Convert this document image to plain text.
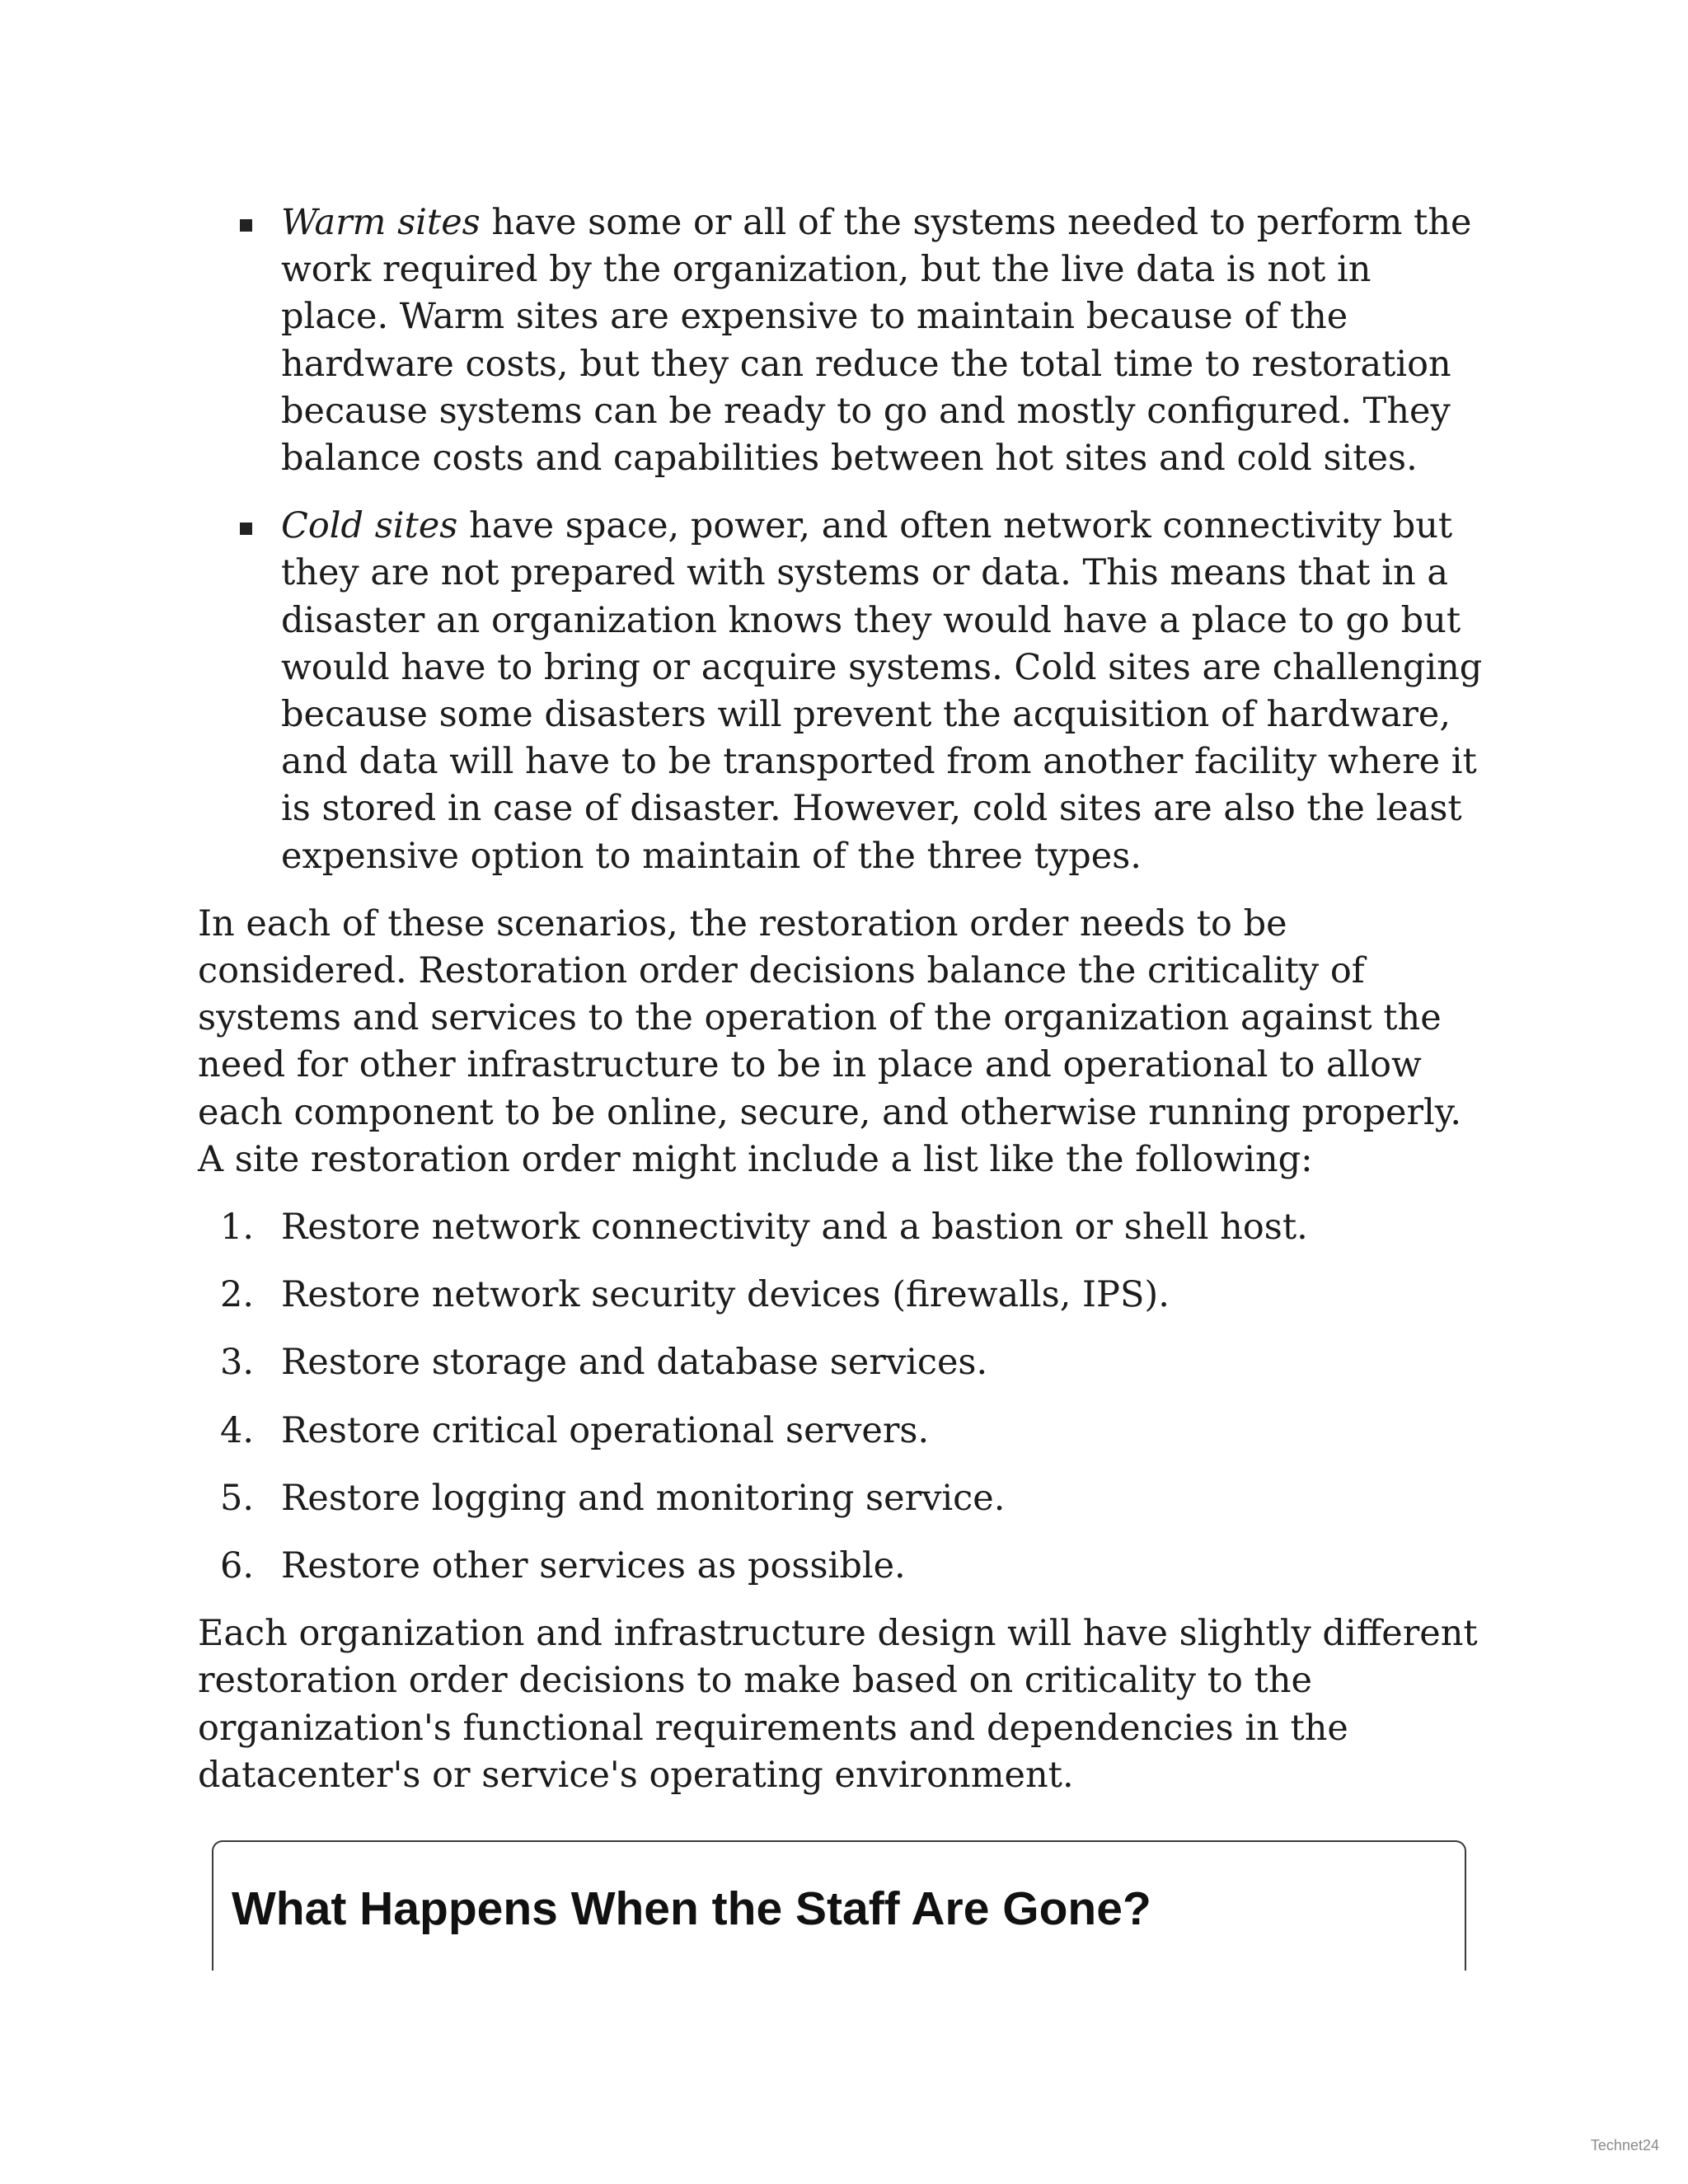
Warm sites have some or all of the systems needed to perform the work required by the organization, but the live data is not in place. Warm sites are expensive to maintain because of the hardware costs, but they can reduce the total time to restoration because systems can be ready to go and mostly configured. They balance costs and capabilities between hot sites and cold sites.
Cold sites have space, power, and often network connectivity but they are not prepared with systems or data. This means that in a disaster an organization knows they would have a place to go but would have to bring or acquire systems. Cold sites are challenging because some disasters will prevent the acquisition of hardware, and data will have to be transported from another facility where it is stored in case of disaster. However, cold sites are also the least expensive option to maintain of the three types.

In each of these scenarios, the restoration order needs to be considered. Restoration order decisions balance the criticality of systems and services to the operation of the organization against the need for other infrastructure to be in place and operational to allow each component to be online, secure, and otherwise running properly. A site restoration order might include a list like the following:

1. Restore network connectivity and a bastion or shell host.
2. Restore network security devices (firewalls, IPS).
3. Restore storage and database services.
4. Restore critical operational servers.
5. Restore logging and monitoring service.
6. Restore other services as possible.

Each organization and infrastructure design will have slightly different restoration order decisions to make based on criticality to the organization's functional requirements and dependencies in the datacenter's or service's operating environment.

What Happens When the Staff Are Gone?
Technet24
